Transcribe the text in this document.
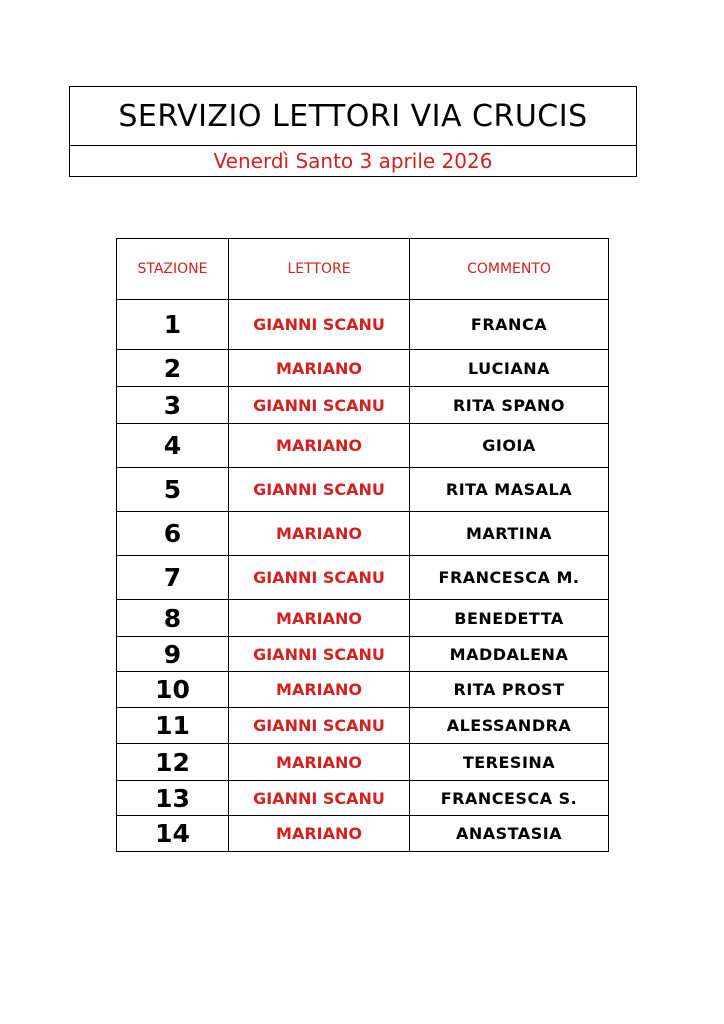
SERVIZIO LETTORI VIA CRUCIS
Venerdì Santo 3 aprile 2026
STAZIONE	LETTORE	COMMENTO
1	GIANNI SCANU	FRANCA
2	MARIANO	LUCIANA
3	GIANNI SCANU	RITA SPANO
4	MARIANO	GIOIA
5	GIANNI SCANU	RITA MASALA
6	MARIANO	MARTINA
7	GIANNI SCANU	FRANCESCA M.
8	MARIANO	BENEDETTA
9	GIANNI SCANU	MADDALENA
10	MARIANO	RITA PROST
11	GIANNI SCANU	ALESSANDRA
12	MARIANO	TERESINA
13	GIANNI SCANU	FRANCESCA S.
14	MARIANO	ANASTASIA
